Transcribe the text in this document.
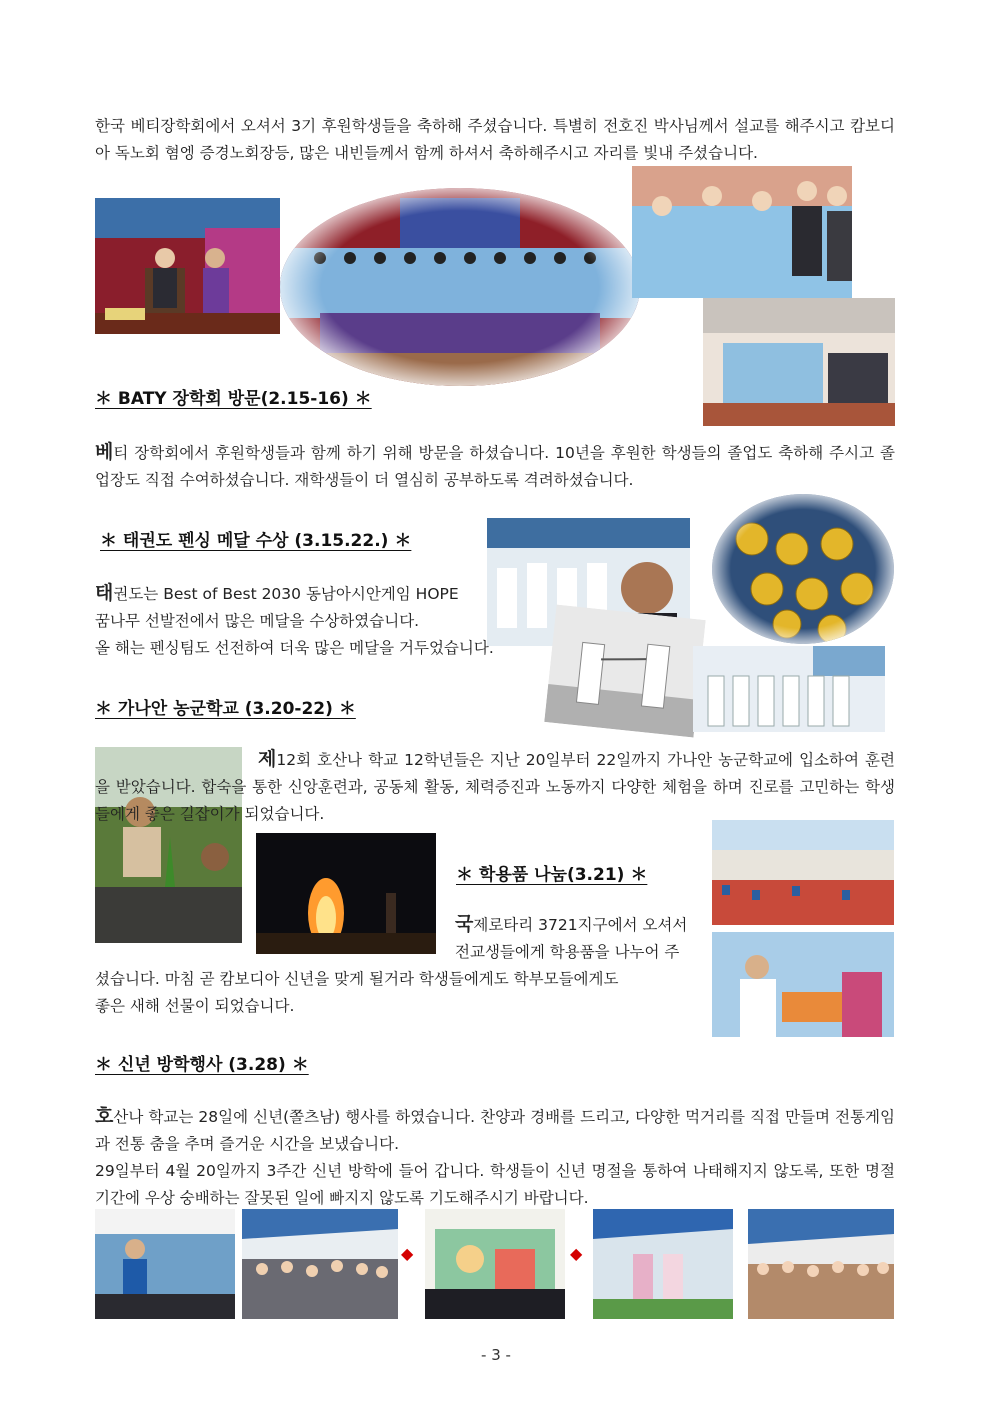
한국 베티장학회에서 오셔서 3기 후원학생들을 축하해 주셨습니다. 특별히 전호진 박사님께서 설교를 해주시고 캄보디아 독노회 혐엥 증경노회장등, 많은 내빈들께서 함께 하셔서 축하해주시고 자리를 빛내 주셨습니다.
＊ BATY 장학회 방문(2.15-16) ＊
베티 장학회에서 후원학생들과 함께 하기 위해 방문을 하셨습니다. 10년을 후원한 학생들의 졸업도 축하해 주시고 졸업장도 직접 수여하셨습니다. 재학생들이 더 열심히 공부하도록 격려하셨습니다.
＊ 태권도 펜싱 메달 수상 (3.15.22.) ＊
태권도는 Best of Best 2030 동남아시안게임 HOPE
꿈나무 선발전에서 많은 메달을 수상하였습니다.
올 해는 펜싱팀도 선전하여 더욱 많은 메달을 거두었습니다.
＊ 가나안 농군학교 (3.20-22) ＊
제12회 호산나 학교 12학년들은 지난 20일부터 22일까지 가나안 농군학교에 입소하여 훈련을 받았습니다. 합숙을 통한 신앙훈련과, 공동체 활동, 체력증진과 노동까지 다양한 체험을 하며 진로를 고민하는 학생들에게 좋은 길잡이가 되었습니다.
＊ 학용품 나눔(3.21) ＊
국제로타리 3721지구에서 오셔서
전교생들에게 학용품을 나누어 주
셨습니다. 마침 곧 캄보디아 신년을 맞게 될거라 학생들에게도 학부모들에게도
좋은 새해 선물이 되었습니다.
＊ 신년 방학행사 (3.28) ＊
호산나 학교는 28일에 신년(쫄츠남) 행사를 하였습니다. 찬양과 경배를 드리고, 다양한 먹거리를 직접 만들며 전통게임과 전통 춤을 추며 즐거운 시간을 보냈습니다.
29일부터 4월 20일까지 3주간 신년 방학에 들어 갑니다. 학생들이 신년 명절을 통하여 나태해지지 않도록, 또한 명절 기간에 우상 숭배하는 잘못된 일에 빠지지 않도록 기도해주시기 바랍니다.
◆	◆
- 3 -
